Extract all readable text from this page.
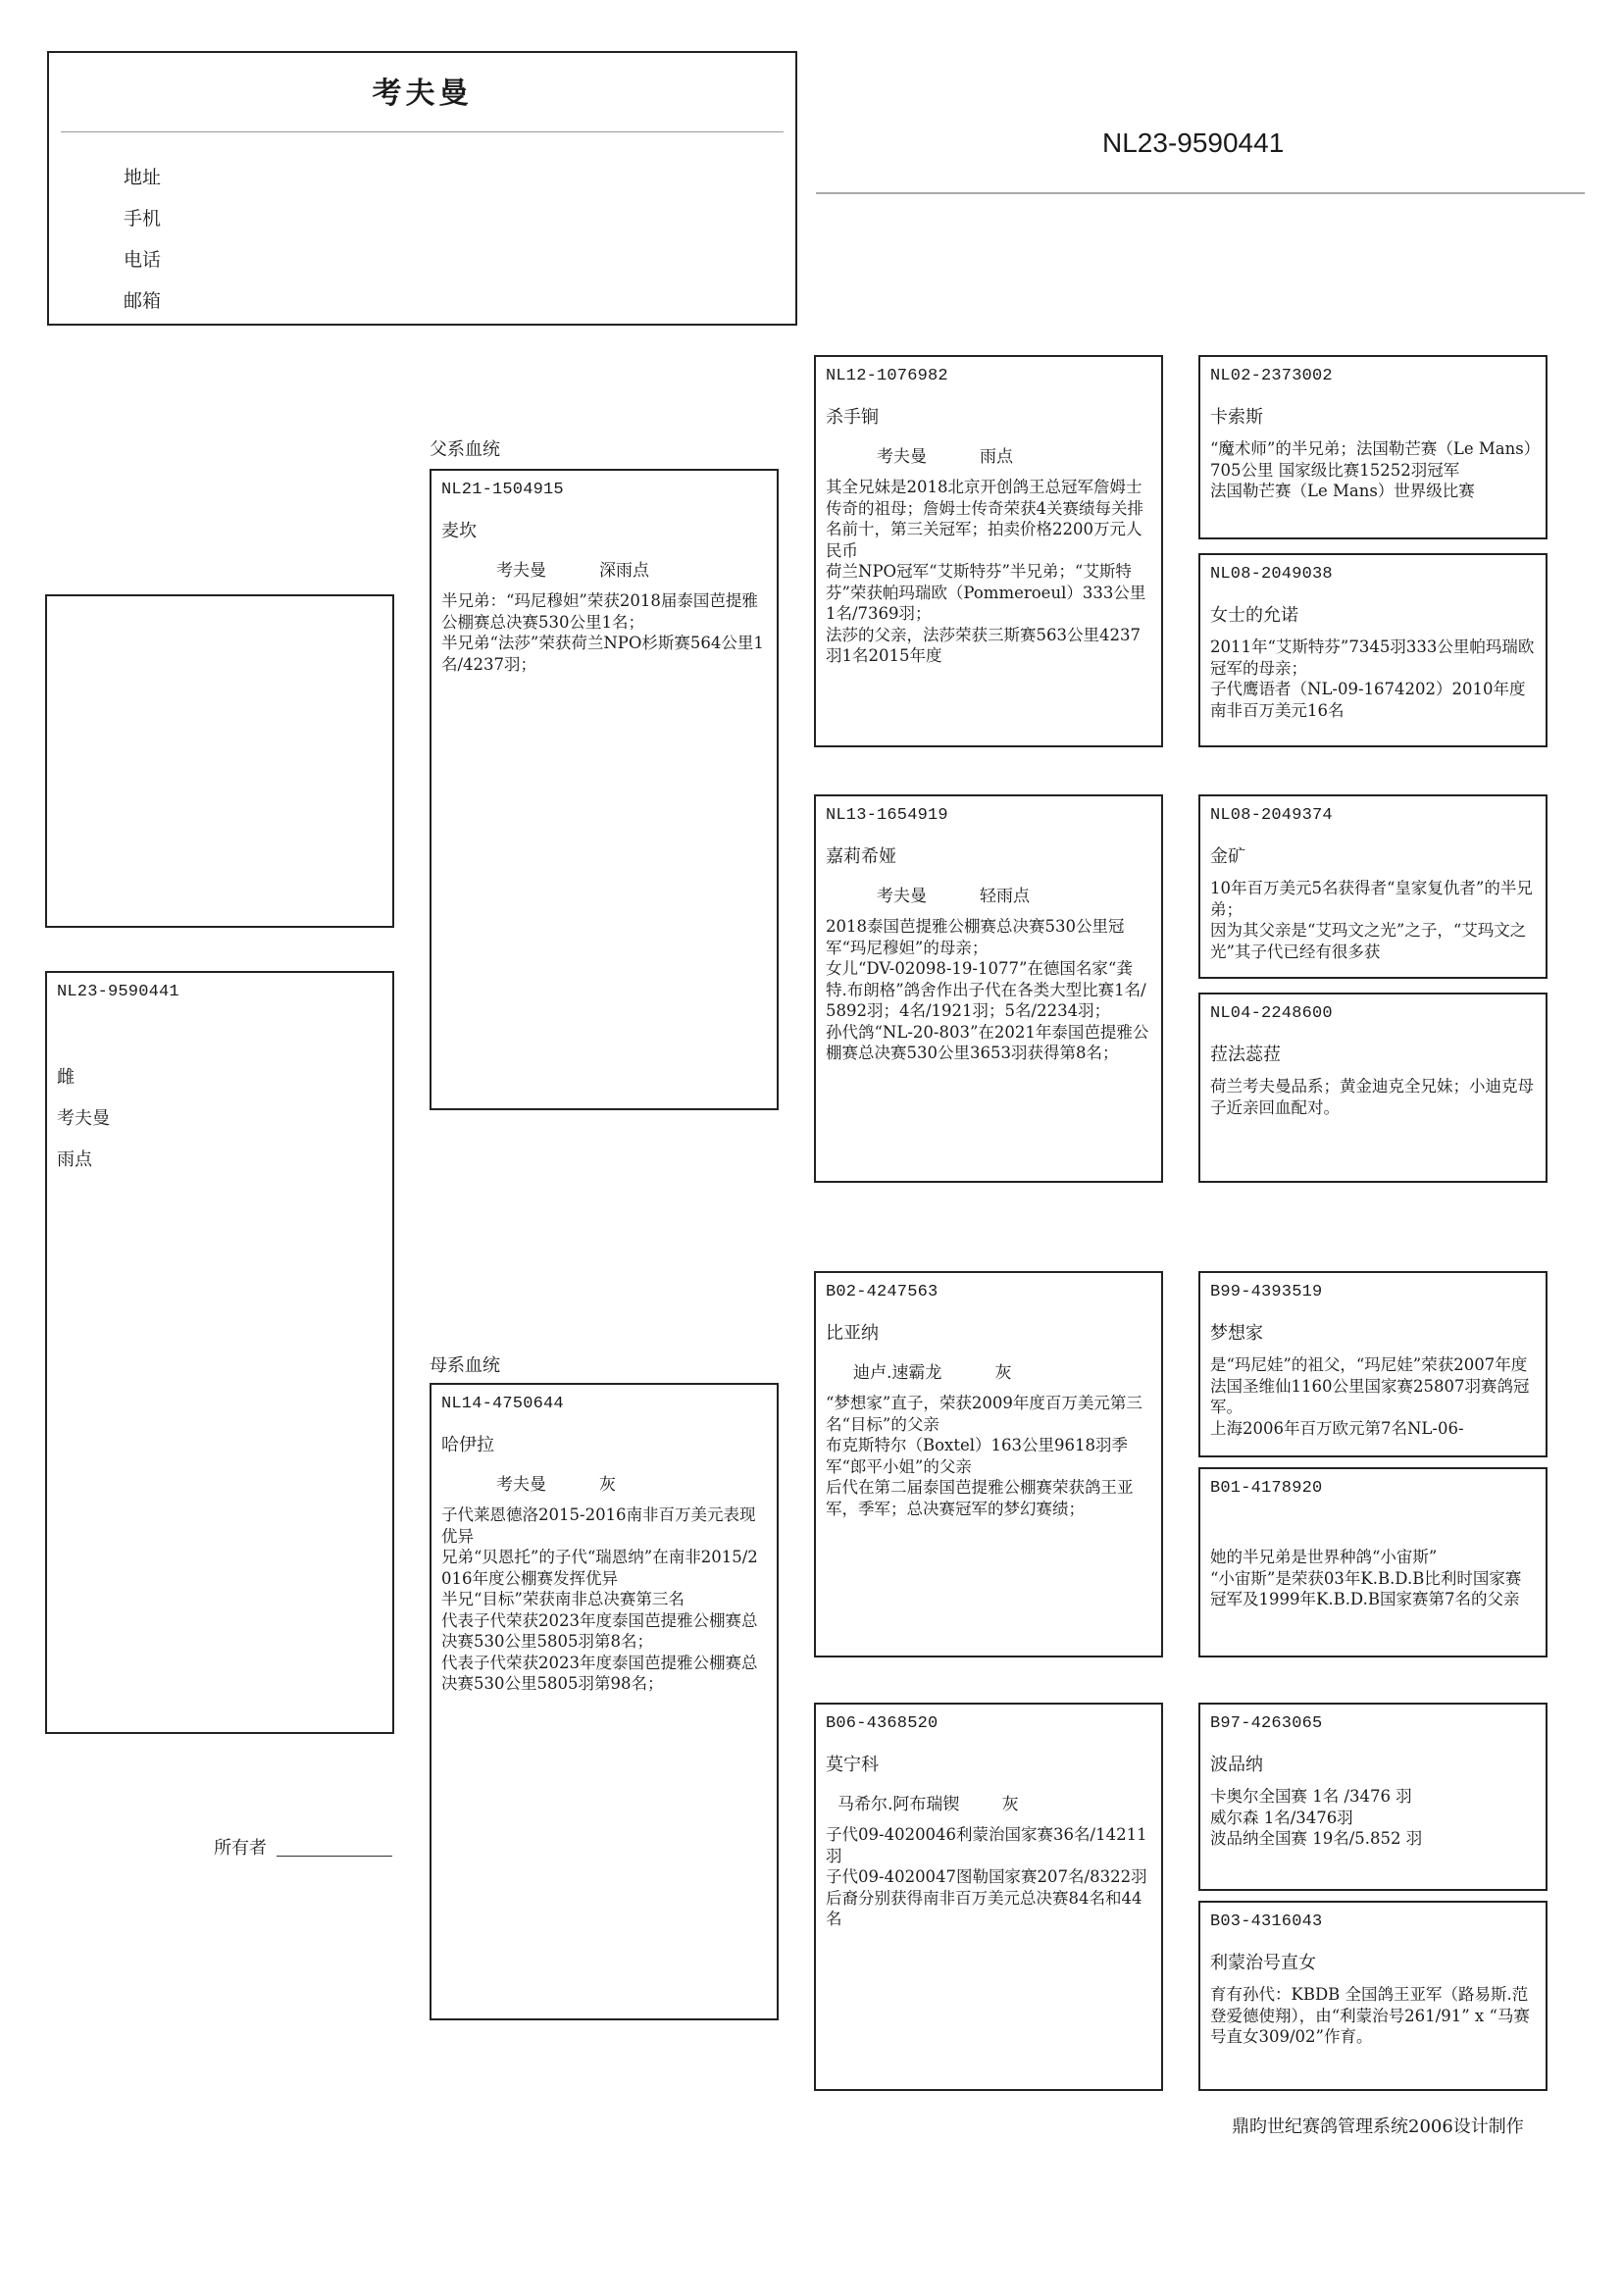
考夫曼
地址
手机
电话
邮箱
NL23-9590441
NL23-9590441
雌
考夫曼
雨点
所有者
父系血统
NL21-1504915
麦坎
考夫曼          深雨点
半兄弟：“玛尼穆妲”荣获2018届泰国芭提雅公棚赛总决赛530公里1名；
半兄弟“法莎”荣获荷兰NPO杉斯赛564公里1名/4237羽；
母系血统
NL14-4750644
哈伊拉
考夫曼          灰
子代莱恩德洛2015-2016南非百万美元表现优异
兄弟“贝恩托”的子代“瑞恩纳”在南非2015/2016年度公棚赛发挥优异
半兄“目标”荣获南非总决赛第三名
代表子代荣获2023年度泰国芭提雅公棚赛总决赛530公里5805羽第8名；
代表子代荣获2023年度泰国芭提雅公棚赛总决赛530公里5805羽第98名；
NL12-1076982
杀手锏
考夫曼          雨点
其全兄妹是2018北京开创鸽王总冠军詹姆士传奇的祖母；詹姆士传奇荣获4关赛绩每关排名前十，第三关冠军；拍卖价格2200万元人民币
荷兰NPO冠军“艾斯特芬”半兄弟；“艾斯特芬”荣获帕玛瑞欧（Pommeroeul）333公里 1名/7369羽；
法莎的父亲，法莎荣获三斯赛563公里4237羽1名2015年度
NL13-1654919
嘉莉希娅
考夫曼          轻雨点
2018泰国芭提雅公棚赛总决赛530公里冠军“玛尼穆妲”的母亲；
女儿“DV-02098-19-1077”在德国名家“龚特.布朗格”鸽舍作出子代在各类大型比赛1名/5892羽；4名/1921羽；5名/2234羽；
孙代鸽“NL-20-803”在2021年泰国芭提雅公棚赛总决赛530公里3653羽获得第8名；
B02-4247563
比亚纳
迪卢.速霸龙          灰
“梦想家”直子，荣获2009年度百万美元第三名“目标”的父亲
布克斯特尔（Boxtel）163公里9618羽季军“郎平小姐”的父亲
后代在第二届泰国芭提雅公棚赛荣获鸽王亚军，季军；总决赛冠军的梦幻赛绩；
B06-4368520
莫宁科
马希尔.阿布瑞锲        灰
子代09-4020046利蒙治国家赛36名/14211羽
子代09-4020047图勒国家赛207名/8322羽
后裔分别获得南非百万美元总决赛84名和44名
NL02-2373002
卡索斯
“魔术师”的半兄弟；法国勒芒赛（Le Mans）705公里 国家级比赛15252羽冠军
法国勒芒赛（Le Mans）世界级比赛
NL08-2049038
女士的允诺
2011年“艾斯特芬”7345羽333公里帕玛瑞欧冠军的母亲；
子代鹰语者（NL-09-1674202）2010年度南非百万美元16名
NL08-2049374
金矿
10年百万美元5名获得者“皇家复仇者”的半兄弟；
因为其父亲是“艾玛文之光”之子，“艾玛文之光”其子代已经有很多获
NL04-2248600
菈法蕊菈
荷兰考夫曼品系；黄金迪克全兄妹；小迪克母子近亲回血配对。
B99-4393519
梦想家
是“玛尼娃”的祖父，“玛尼娃”荣获2007年度法国圣维仙1160公里国家赛25807羽赛鸽冠军。
上海2006年百万欧元第7名NL-06-
B01-4178920
她的半兄弟是世界种鸽“小宙斯”
“小宙斯”是荣获03年K.B.D.B比利时国家赛冠军及1999年K.B.D.B国家赛第7名的父亲
B97-4263065
波品纳
卡奥尔全国赛 1名 /3476 羽
威尔森 1名/3476羽
波品纳全国赛 19名/5.852 羽
B03-4316043
利蒙治号直女
育有孙代：KBDB 全国鸽王亚军（路易斯.范登爱德使翔），由“利蒙治号261/91” x “马赛号直女309/02”作育。
鼎昀世纪赛鸽管理系统2006设计制作
